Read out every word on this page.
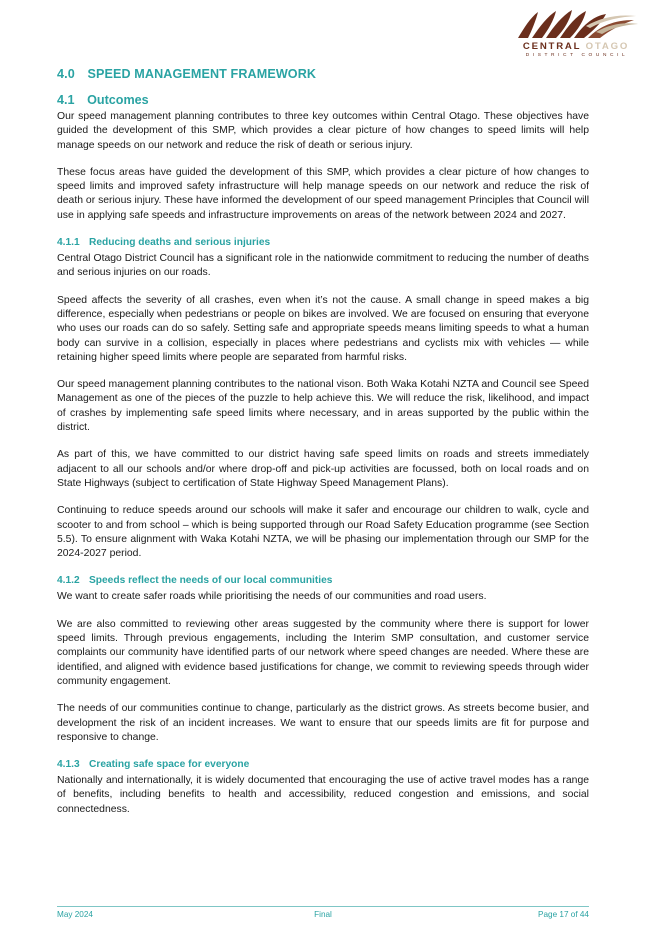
CENTRAL OTAGO
DISTRICT COUNCIL
4.0 SPEED MANAGEMENT FRAMEWORK
4.1 Outcomes

Our speed management planning contributes to three key outcomes within Central Otago. These objectives have guided the development of this SMP, which provides a clear picture of how changes to speed limits will help manage speeds on our network and reduce the risk of death or serious injury.

These focus areas have guided the development of this SMP, which provides a clear picture of how changes to speed limits and improved safety infrastructure will help manage speeds on our network and reduce the risk of death or serious injury. These have informed the development of our speed management Principles that Council will use in applying safe speeds and infrastructure improvements on areas of the network between 2024 and 2027.

4.1.1 Reducing deaths and serious injuries

Central Otago District Council has a significant role in the nationwide commitment to reducing the number of deaths and serious injuries on our roads.

Speed affects the severity of all crashes, even when it’s not the cause. A small change in speed makes a big difference, especially when pedestrians or people on bikes are involved. We are focused on ensuring that everyone who uses our roads can do so safely. Setting safe and appropriate speeds means limiting speeds to what a human body can survive in a collision, especially in places where pedestrians and cyclists mix with vehicles — while retaining higher speed limits where people are separated from harmful risks.

Our speed management planning contributes to the national vison. Both Waka Kotahi NZTA and Council see Speed Management as one of the pieces of the puzzle to help achieve this. We will reduce the risk, likelihood, and impact of crashes by implementing safe speed limits where necessary, and in areas supported by the public within the district.

As part of this, we have committed to our district having safe speed limits on roads and streets immediately adjacent to all our schools and/or where drop-off and pick-up activities are focussed, both on local roads and on State Highways (subject to certification of State Highway Speed Management Plans).

Continuing to reduce speeds around our schools will make it safer and encourage our children to walk, cycle and scooter to and from school – which is being supported through our Road Safety Education programme (see Section 5.5). To ensure alignment with Waka Kotahi NZTA, we will be phasing our implementation through our SMP for the 2024-2027 period.

4.1.2 Speeds reflect the needs of our local communities

We want to create safer roads while prioritising the needs of our communities and road users.

We are also committed to reviewing other areas suggested by the community where there is support for lower speed limits. Through previous engagements, including the Interim SMP consultation, and customer service complaints our community have identified parts of our network where speed changes are needed. Where these are identified, and aligned with evidence based justifications for change, we commit to reviewing speeds through wider community engagement.

The needs of our communities continue to change, particularly as the district grows. As streets become busier, and development the risk of an incident increases. We want to ensure that our speeds limits are fit for purpose and responsive to change.

4.1.3 Creating safe space for everyone

Nationally and internationally, it is widely documented that encouraging the use of active travel modes has a range of benefits, including benefits to health and accessibility, reduced congestion and emissions, and social connectedness.

May 2024	Final	Page 17 of 44
